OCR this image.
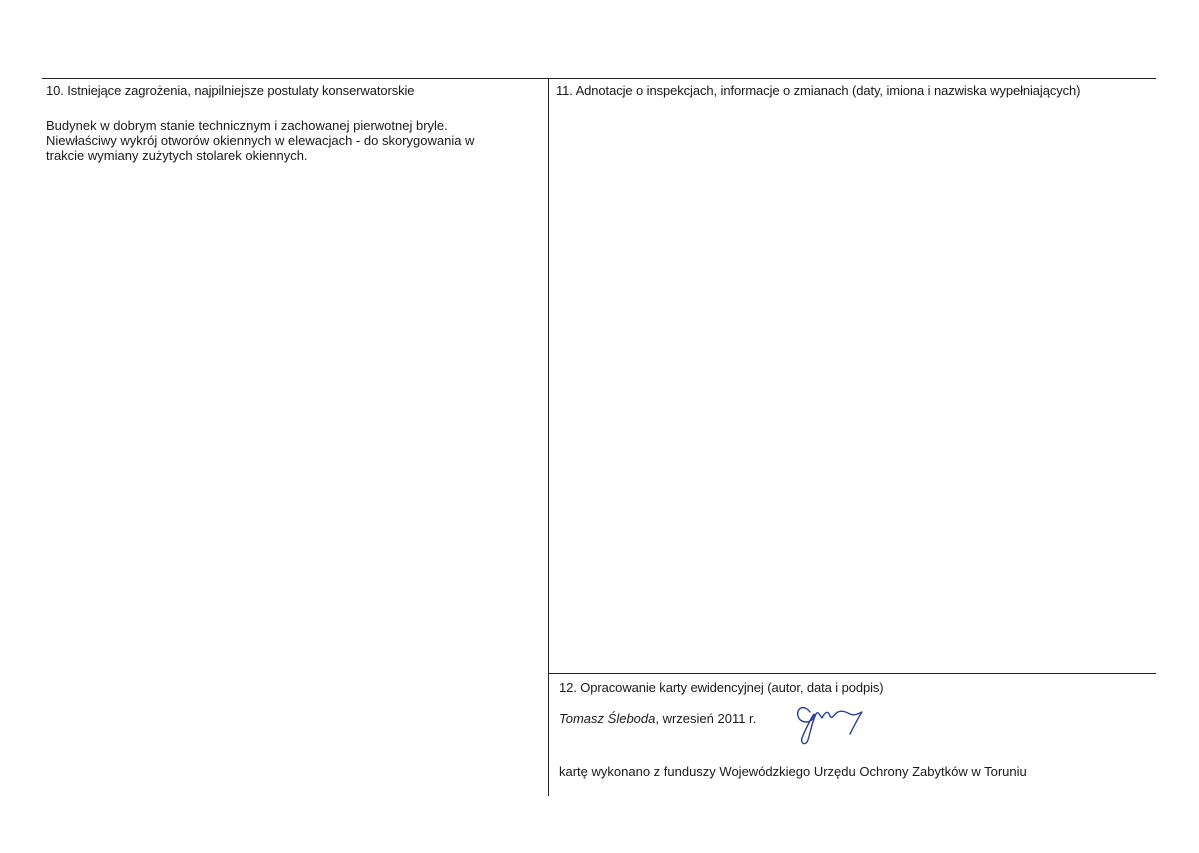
10. Istniejące zagrożenia, najpilniejsze postulaty konserwatorskie
Budynek w dobrym stanie technicznym i zachowanej pierwotnej bryle.
Niewłaściwy wykrój otworów okiennych w elewacjach - do skorygowania w
trakcie wymiany zużytych stolarek okiennych.
11. Adnotacje o inspekcjach, informacje o zmianach (daty, imiona i nazwiska wypełniających)
12. Opracowanie karty ewidencyjnej (autor, data i podpis)
Tomasz Śleboda, wrzesień 2011 r.
kartę wykonano z funduszy Wojewódzkiego Urzędu Ochrony Zabytków w Toruniu
